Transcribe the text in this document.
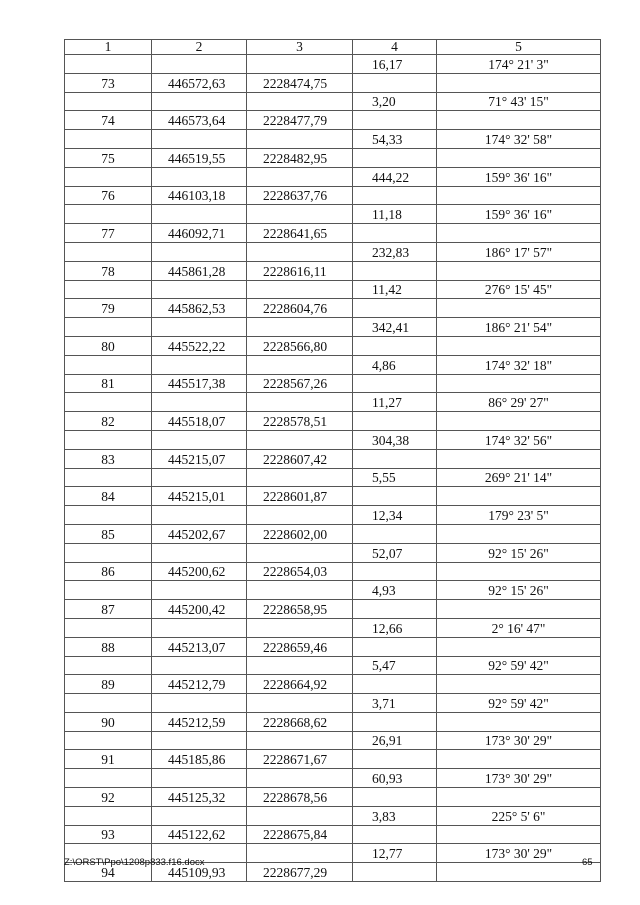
1	2	3	4	5
			16,17	174° 21' 3"
73	446572,63	2228474,75		
			3,20	71° 43' 15"
74	446573,64	2228477,79		
			54,33	174° 32' 58"
75	446519,55	2228482,95		
			444,22	159° 36' 16"
76	446103,18	2228637,76		
			11,18	159° 36' 16"
77	446092,71	2228641,65		
			232,83	186° 17' 57"
78	445861,28	2228616,11		
			11,42	276° 15' 45"
79	445862,53	2228604,76		
			342,41	186° 21' 54"
80	445522,22	2228566,80		
			4,86	174° 32' 18"
81	445517,38	2228567,26		
			11,27	86° 29' 27"
82	445518,07	2228578,51		
			304,38	174° 32' 56"
83	445215,07	2228607,42		
			5,55	269° 21' 14"
84	445215,01	2228601,87		
			12,34	179° 23' 5"
85	445202,67	2228602,00		
			52,07	92° 15' 26"
86	445200,62	2228654,03		
			4,93	92° 15' 26"
87	445200,42	2228658,95		
			12,66	2° 16' 47"
88	445213,07	2228659,46		
			5,47	92° 59' 42"
89	445212,79	2228664,92		
			3,71	92° 59' 42"
90	445212,59	2228668,62		
			26,91	173° 30' 29"
91	445185,86	2228671,67		
			60,93	173° 30' 29"
92	445125,32	2228678,56		
			3,83	225° 5' 6"
93	445122,62	2228675,84		
			12,77	173° 30' 29"
94	445109,93	2228677,29		
Z:\ORST\Ppo\1208p833.f16.docx	65
